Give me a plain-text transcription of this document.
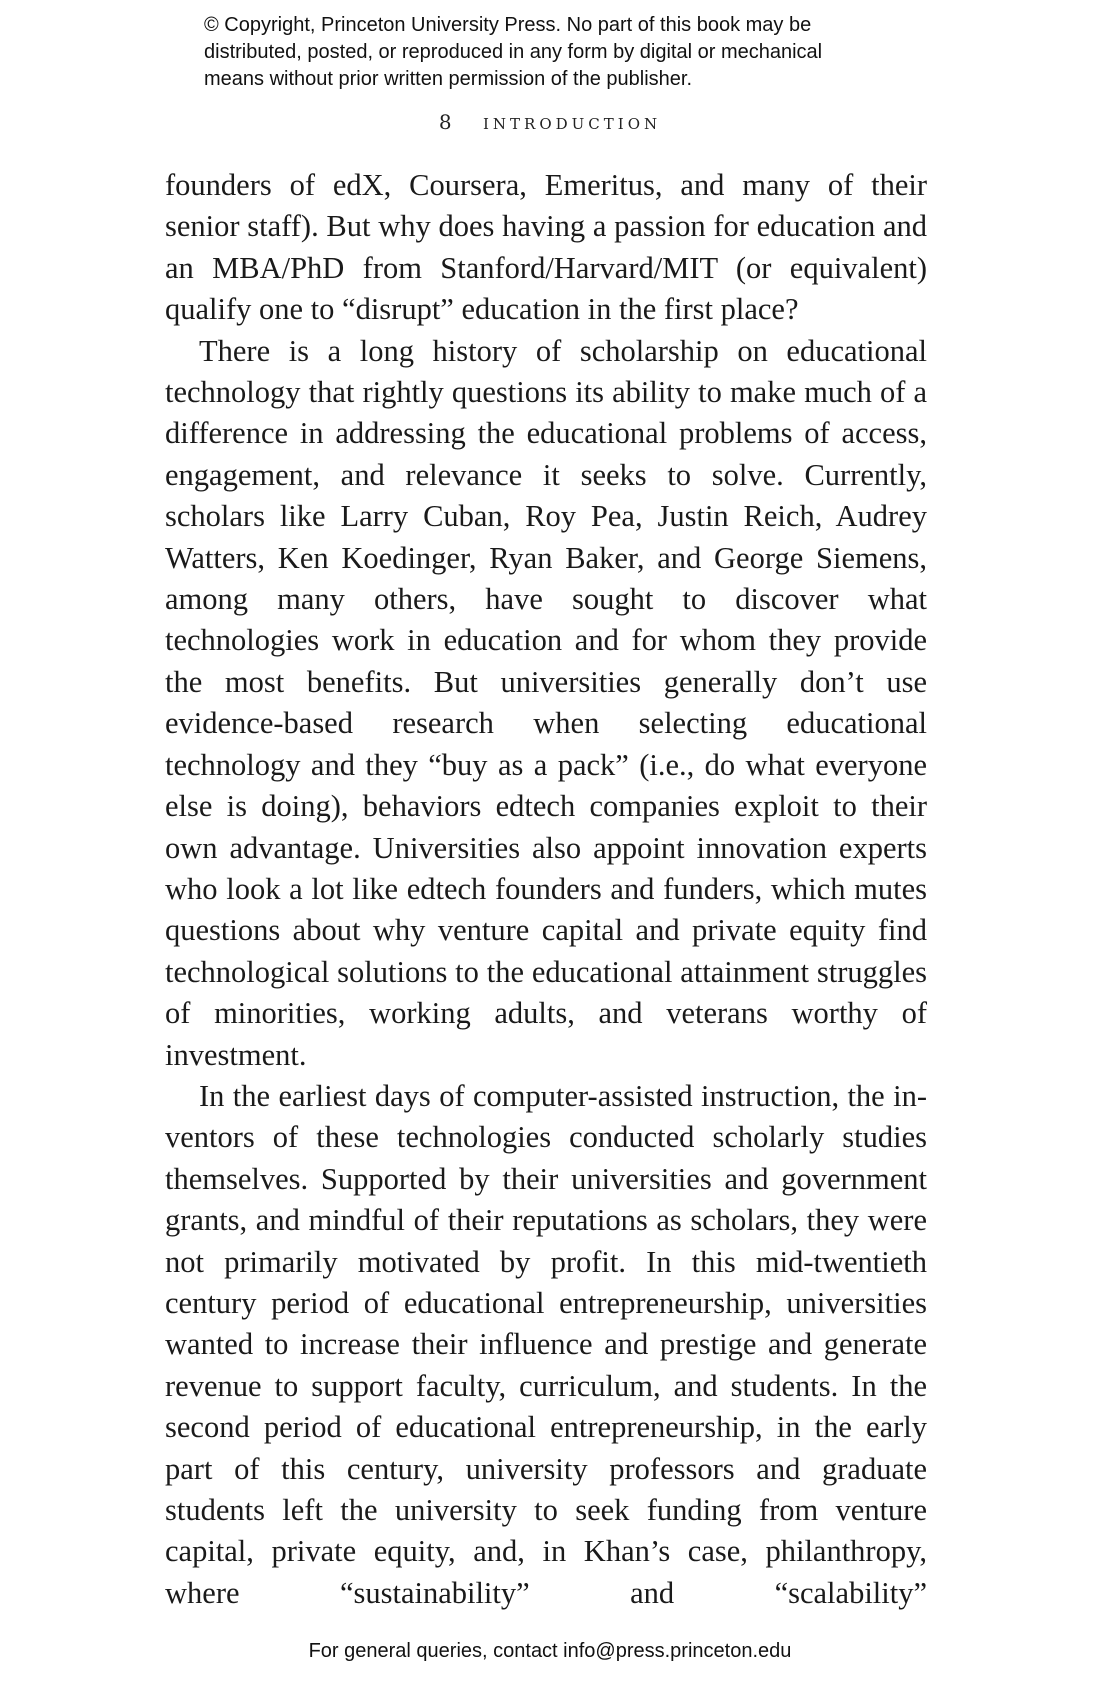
© Copyright, Princeton University Press. No part of this book may be
distributed, posted, or reproduced in any form by digital or mechanical
means without prior written permission of the publisher.
8 introduction

founders of edX, Coursera, Emeritus, and many of their senior staff). But why does having a passion for education and an MBA/PhD from Stanford/Harvard/MIT (or equivalent) qualify one to “disrupt” education in the first place?

There is a long history of scholarship on educational technology that rightly questions its ability to make much of a difference in addressing the educational problems of access, engagement, and relevance it seeks to solve. Currently, scholars like Larry Cuban, Roy Pea, Justin Reich, Audrey Watters, Ken Koedinger, Ryan Baker, and George Siemens, among many others, have sought to discover what technologies work in education and for whom they provide the most benefits. But universities generally don’t use evidence-based research when selecting educational technology and they “buy as a pack” (i.e., do what everyone else is doing), behaviors edtech companies exploit to their own advantage. Universities also appoint innovation experts who look a lot like edtech founders and funders, which mutes questions about why venture capital and private equity find technological solutions to the educational attainment struggles of minorities, working adults, and veterans worthy of investment.

In the earliest days of computer-assisted instruction, the inventors of these technologies conducted scholarly studies themselves. Supported by their universities and government grants, and mindful of their reputations as scholars, they were not primarily motivated by profit. In this mid-twentieth century period of educational entrepreneurship, universities wanted to increase their influence and prestige and generate revenue to support faculty, curriculum, and students. In the second period of educational entrepreneurship, in the early part of this century, university professors and graduate students left the university to seek funding from venture capital, private equity, and, in Khan’s case, philanthropy, where “sustainability” and “scalability”

For general queries, contact info@press.princeton.edu
